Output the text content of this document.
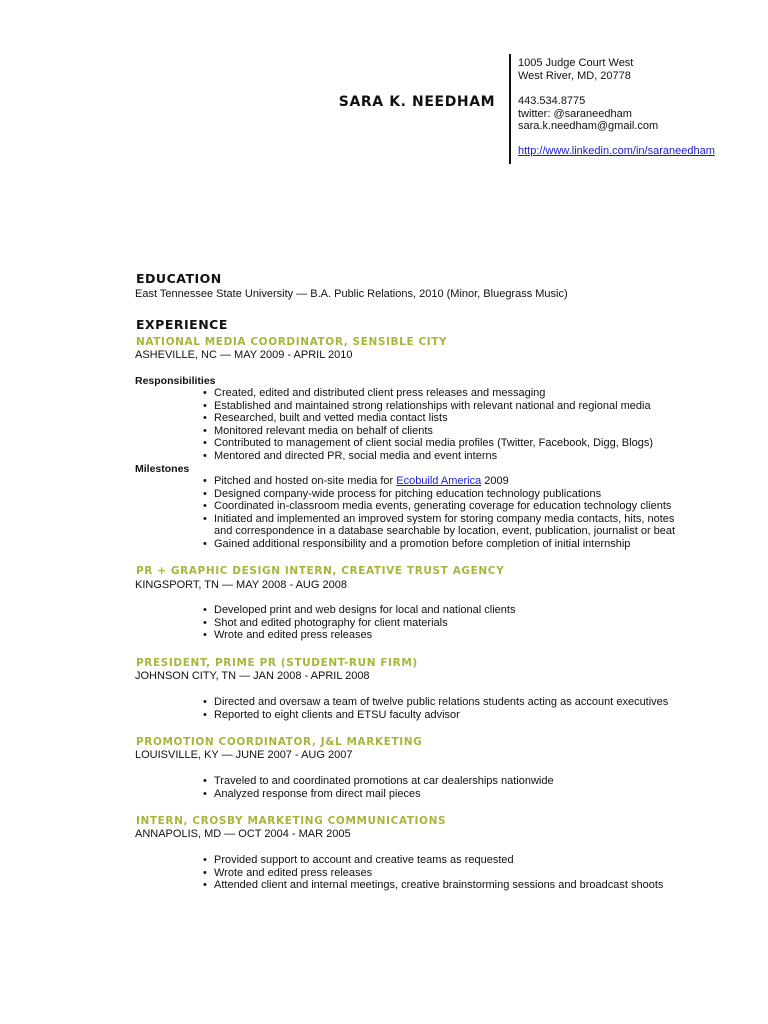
SARA K. NEEDHAM
1005 Judge Court West
West River, MD, 20778
443.534.8775
twitter: @saraneedham
sara.k.needham@gmail.com
http://www.linkedin.com/in/saraneedham
EDUCATION
East Tennessee State University — B.A. Public Relations, 2010 (Minor, Bluegrass Music)
EXPERIENCE
NATIONAL MEDIA COORDINATOR, SENSIBLE CITY
ASHEVILLE, NC — MAY 2009 - APRIL 2010
Responsibilities
• Created, edited and distributed client press releases and messaging
• Established and maintained strong relationships with relevant national and regional media
• Researched, built and vetted media contact lists
• Monitored relevant media on behalf of clients
• Contributed to management of client social media profiles (Twitter, Facebook, Digg, Blogs)
• Mentored and directed PR, social media and event interns
Milestones
• Pitched and hosted on-site media for Ecobuild America 2009
• Designed company-wide process for pitching education technology publications
• Coordinated in-classroom media events, generating coverage for education technology clients
• Initiated and implemented an improved system for storing company media contacts, hits, notes and correspondence in a database searchable by location, event, publication, journalist or beat
• Gained additional responsibility and a promotion before completion of initial internship
PR + GRAPHIC DESIGN INTERN, CREATIVE TRUST AGENCY
KINGSPORT, TN — MAY 2008 - AUG 2008
• Developed print and web designs for local and national clients
• Shot and edited photography for client materials
• Wrote and edited press releases
PRESIDENT, PRIME PR (STUDENT-RUN FIRM)
JOHNSON CITY, TN — JAN 2008 - APRIL 2008
• Directed and oversaw a team of twelve public relations students acting as account executives
• Reported to eight clients and ETSU faculty advisor
PROMOTION COORDINATOR, J&L MARKETING
LOUISVILLE, KY — JUNE 2007 - AUG 2007
• Traveled to and coordinated promotions at car dealerships nationwide
• Analyzed response from direct mail pieces
INTERN, CROSBY MARKETING COMMUNICATIONS
ANNAPOLIS, MD — OCT 2004 - MAR 2005
• Provided support to account and creative teams as requested
• Wrote and edited press releases
• Attended client and internal meetings, creative brainstorming sessions and broadcast shoots
